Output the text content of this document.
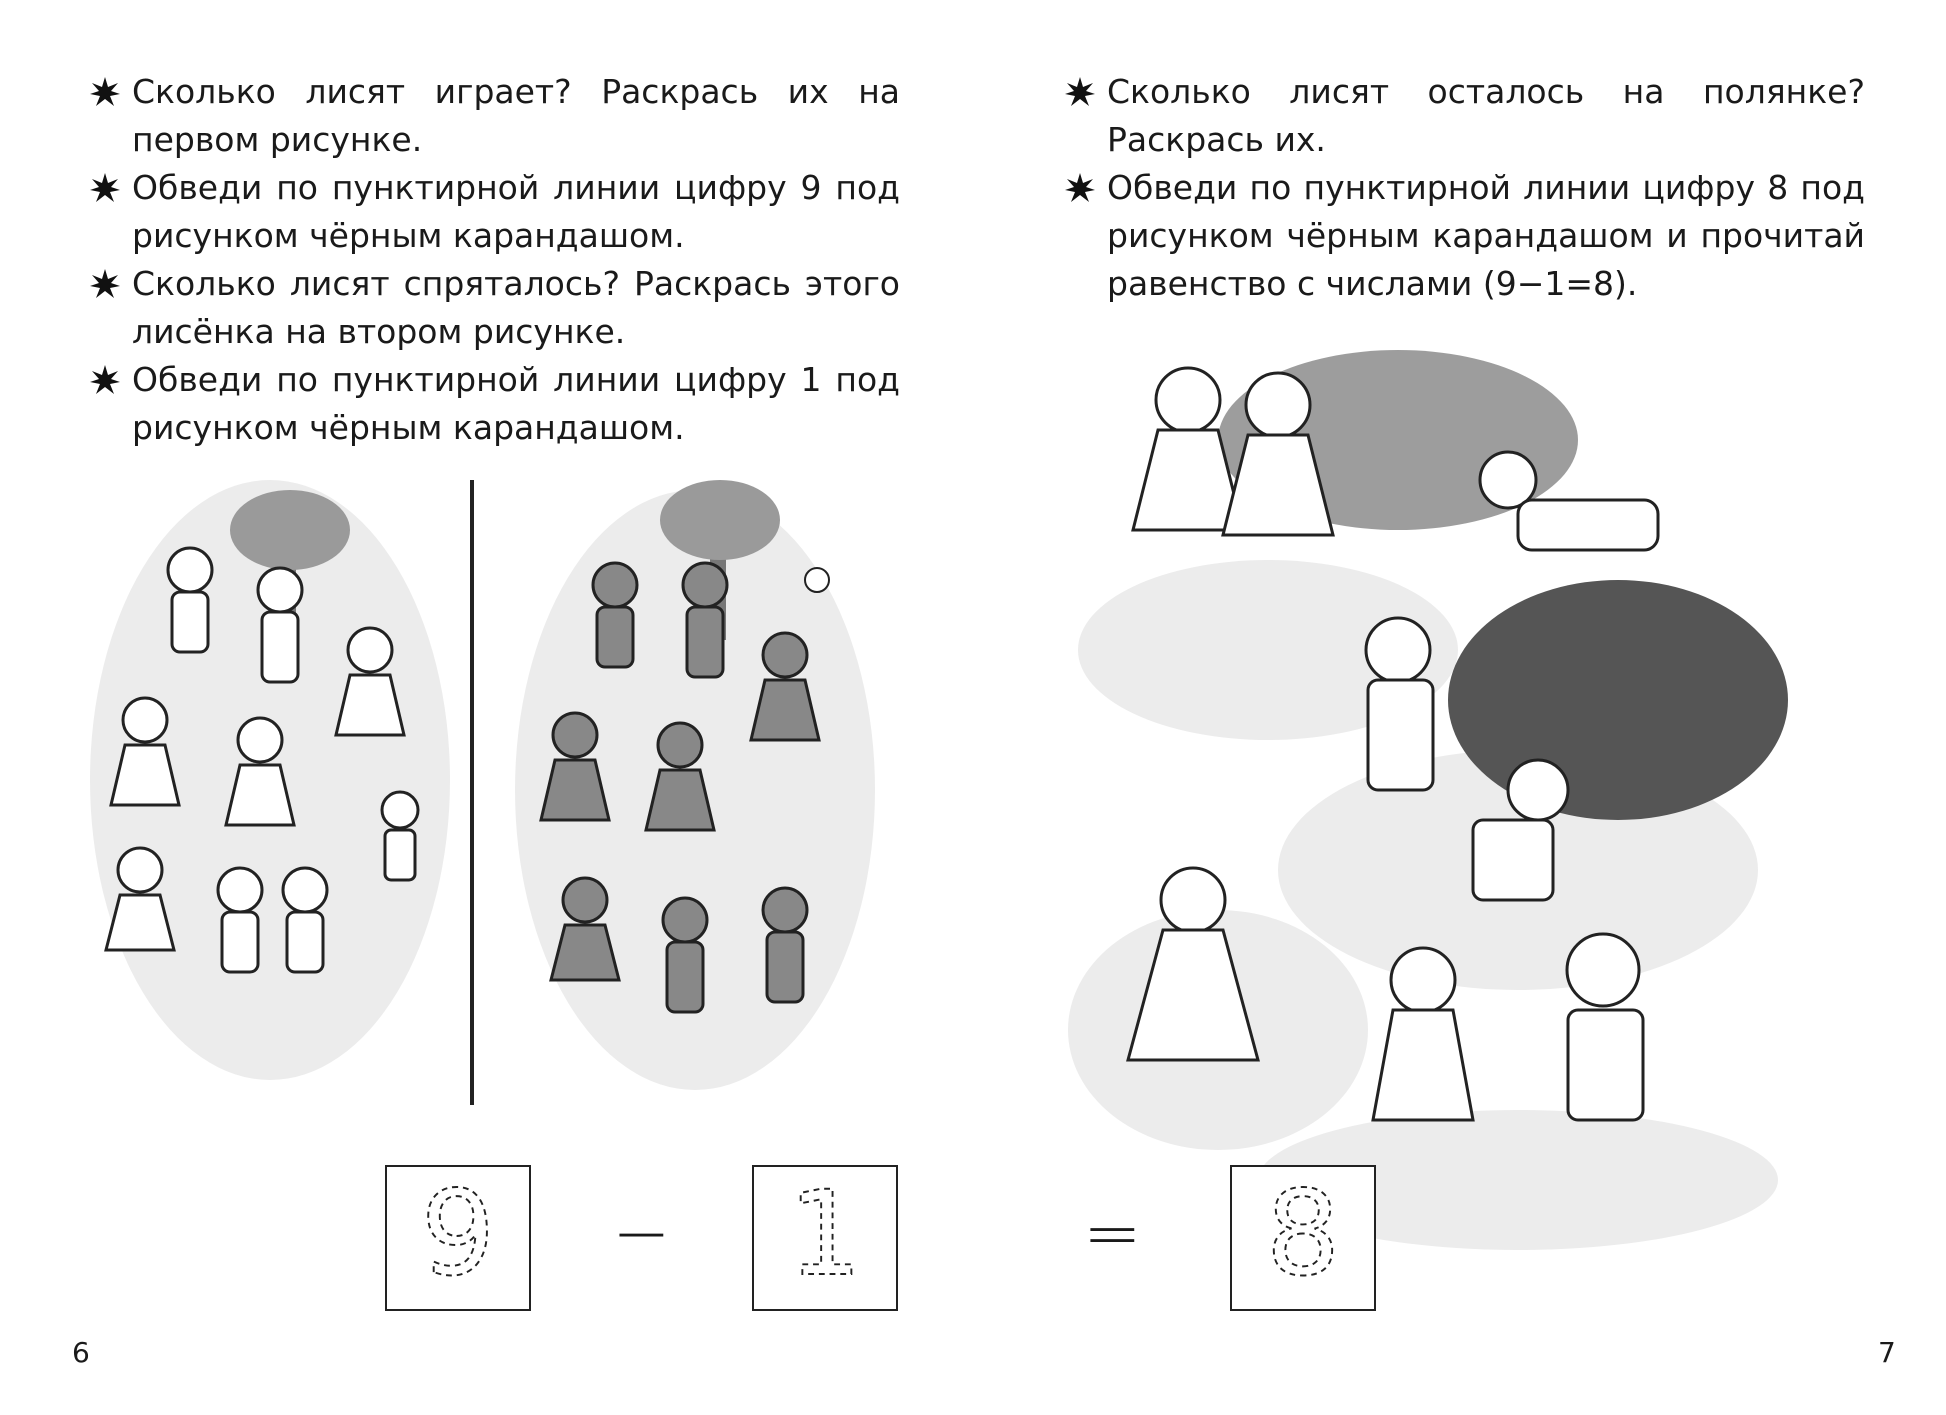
Сколько лисят играет? Раскрась их на первом рисунке.
Обведи по пунктирной линии цифру 9 под рисунком чёрным карандашом.
Сколько лисят спряталось? Раскрась этого лисёнка на втором рисунке.
Обведи по пунктирной линии цифру 1 под рисунком чёрным карандашом.
9 − 1
6
Сколько лисят осталось на полянке? Раскрась их.
Обведи по пунктирной линии цифру 8 под рисунком чёрным карандашом и прочитай равенство с числами (9−1=8).
= 8
7
